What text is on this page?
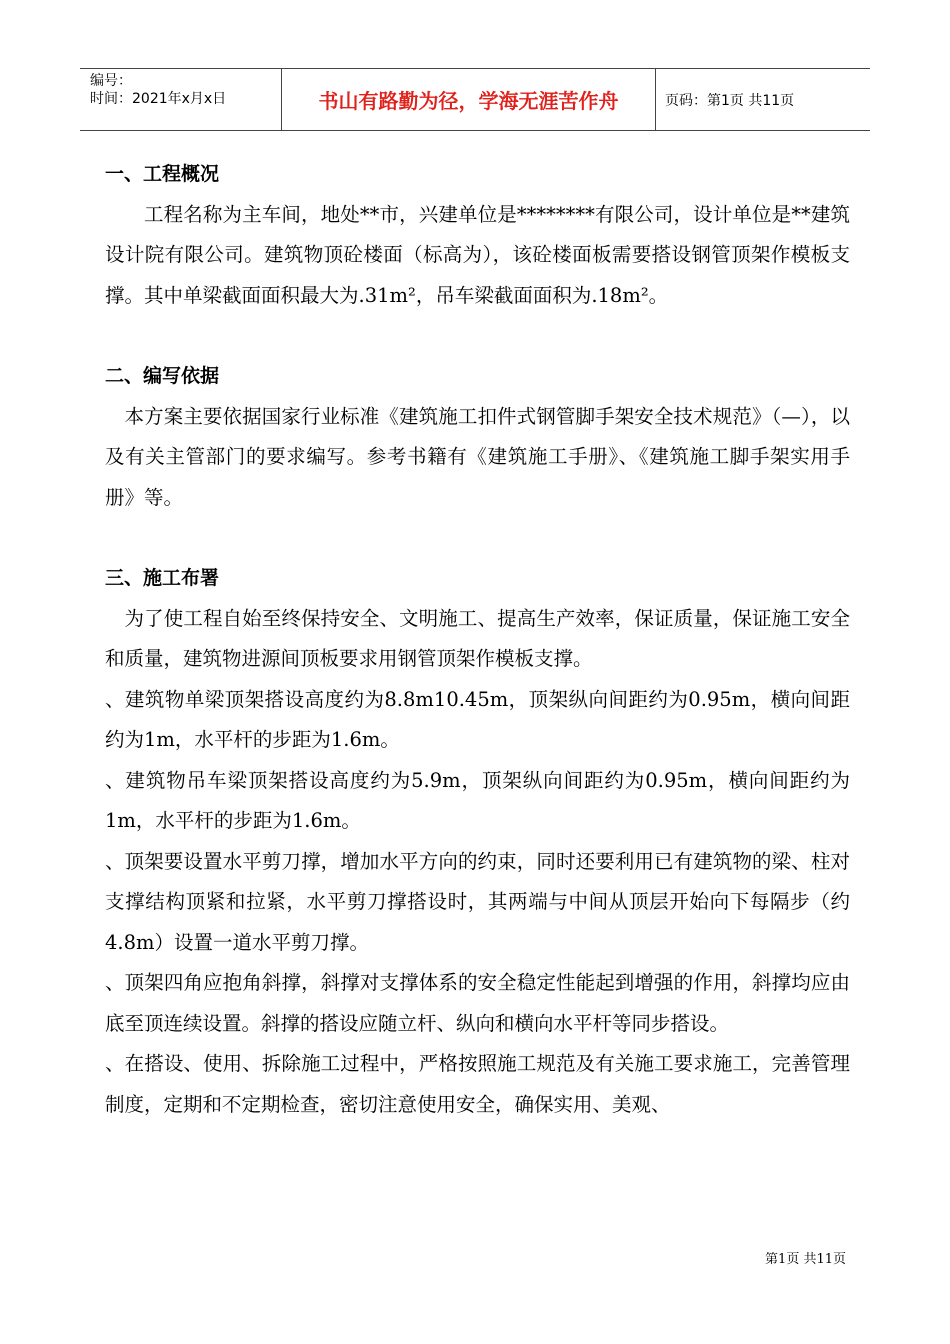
编号：
时间：2021年x月x日	书山有路勤为径，学海无涯苦作舟	页码：第1页 共11页

一、工程概况

工程名称为主车间，地处**市，兴建单位是********有限公司，设计单位是**建筑设计院有限公司。建筑物顶砼楼面（标高为），该砼楼面板需要搭设钢管顶架作模板支撑。其中单梁截面面积最大为.31m²，吊车梁截面面积为.18m²。

二、编写依据

本方案主要依据国家行业标准《建筑施工扣件式钢管脚手架安全技术规范》（—），以及有关主管部门的要求编写。参考书籍有《建筑施工手册》、《建筑施工脚手架实用手册》等。

三、施工布署

为了使工程自始至终保持安全、文明施工、提高生产效率，保证质量，保证施工安全和质量，建筑物进源间顶板要求用钢管顶架作模板支撑。

、建筑物单梁顶架搭设高度约为8.8m10.45m，顶架纵向间距约为0.95m，横向间距约为1m，水平杆的步距为1.6m。

、建筑物吊车梁顶架搭设高度约为5.9m，顶架纵向间距约为0.95m，横向间距约为1m，水平杆的步距为1.6m。

、顶架要设置水平剪刀撑，增加水平方向的约束，同时还要利用已有建筑物的梁、柱对支撑结构顶紧和拉紧，水平剪刀撑搭设时，其两端与中间从顶层开始向下每隔步（约4.8m）设置一道水平剪刀撑。

、顶架四角应抱角斜撑，斜撑对支撑体系的安全稳定性能起到增强的作用，斜撑均应由底至顶连续设置。斜撑的搭设应随立杆、纵向和横向水平杆等同步搭设。

、在搭设、使用、拆除施工过程中，严格按照施工规范及有关施工要求施工，完善管理制度，定期和不定期检查，密切注意使用安全，确保实用、美观、

第1页 共11页
